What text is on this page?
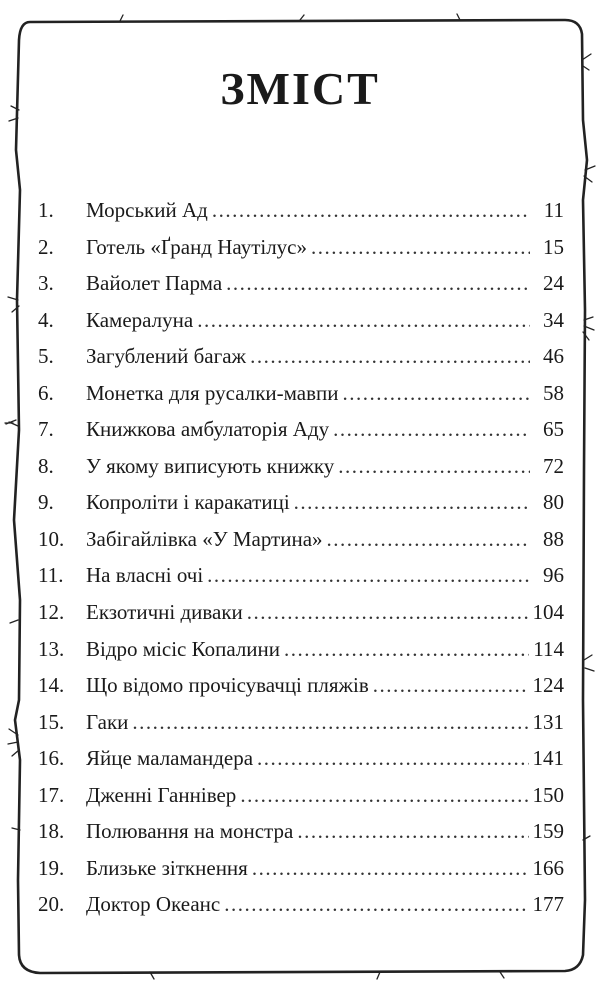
ЗМІСТ
1.	Морський Ад .....	11
2.	Готель «Ґранд Наутілус» .....	15
3.	Вайолет Парма .....	24
4.	Камералуна .....	34
5.	Загублений багаж .....	46
6.	Монетка для русалки-мавпи .....	58
7.	Книжкова амбулаторія Аду .....	65
8.	У якому виписують книжку .....	72
9.	Копроліти і каракатиці .....	80
10.	Забігайлівка «У Мартина» .....	88
11.	На власні очі .....	96
12.	Екзотичні диваки .....	104
13.	Відро місіс Копалини .....	114
14.	Що відомо прочісувачці пляжів .....	124
15.	Гаки .....	131
16.	Яйце маламандера .....	141
17.	Дженні Ганнівер .....	150
18.	Полювання на монстра .....	159
19.	Близьке зіткнення .....	166
20.	Доктор Океанс .....	177
